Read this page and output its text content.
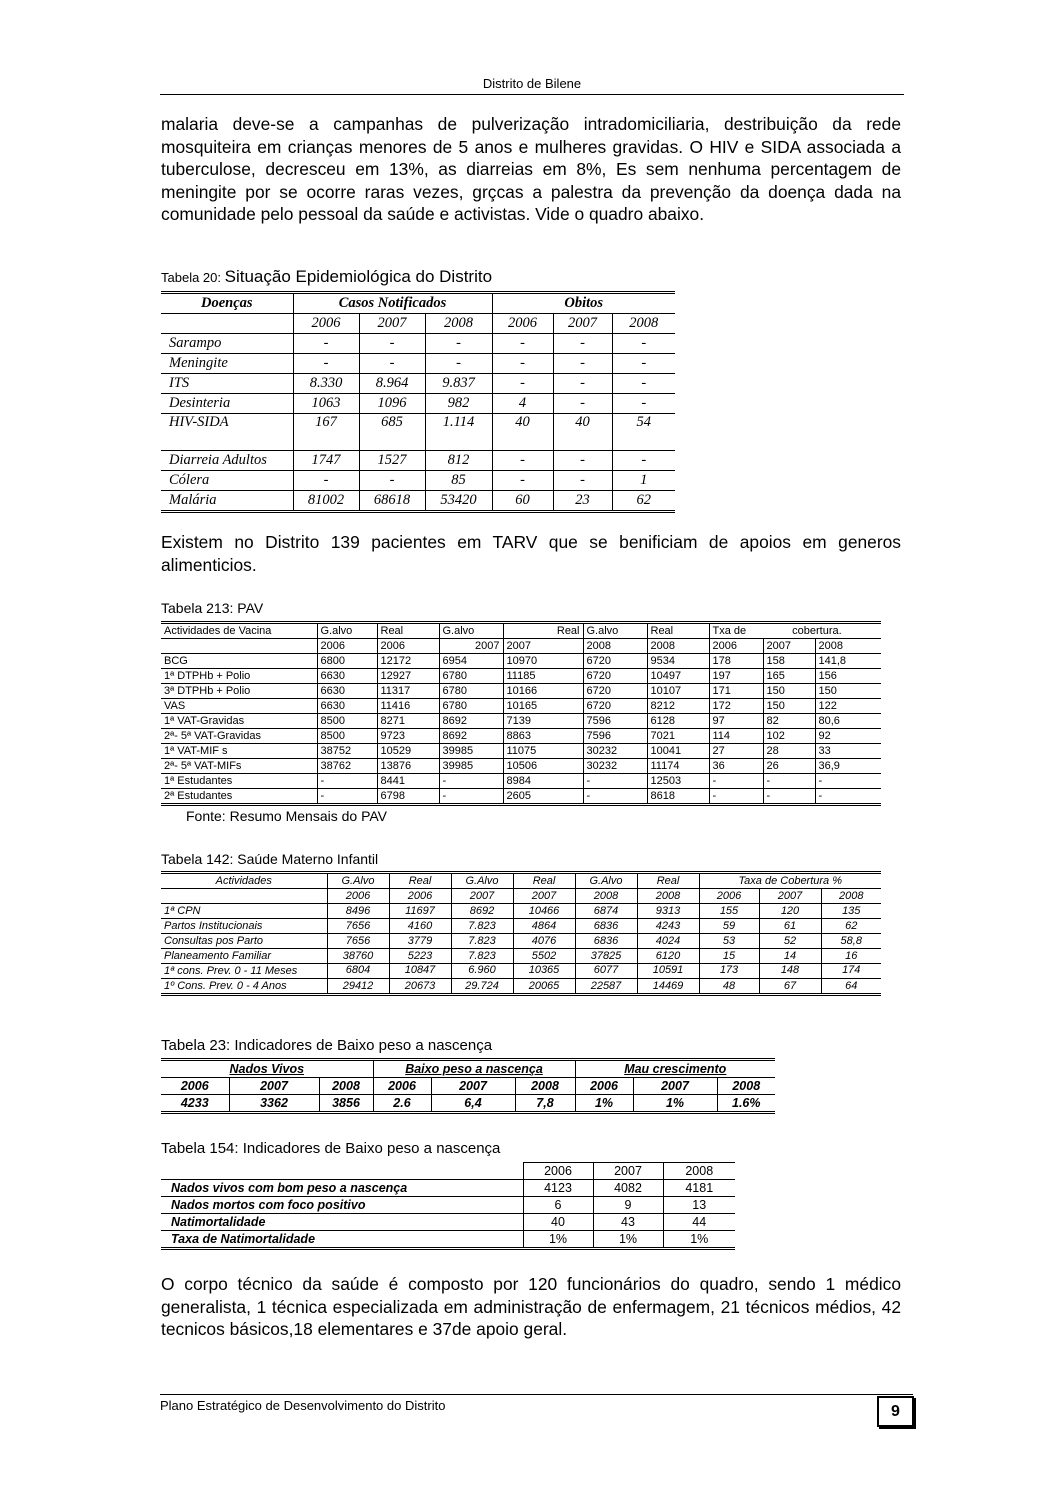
Distrito de Bilene
malaria deve-se a campanhas de pulverização intradomiciliaria, destribuição da rede mosquiteira em crianças menores de 5 anos e mulheres gravidas. O HIV e SIDA associada a tuberculose, decresceu em 13%, as diarreias em 8%, Es sem nenhuma percentagem de meningite por se ocorre raras vezes, grçcas a palestra da prevenção da doença dada na comunidade pelo pessoal da saúde e activistas. Vide o quadro abaixo.
Tabela 20: Situação Epidemiológica do Distrito
Doenças	Casos Notificados			Obitos		
	2006	2007	2008	2006	2007	2008
Sarampo	-	-	-	-	-	-
Meningite	-	-	-	-	-	-
ITS	8.330	8.964	9.837	-	-	-
Desinteria	1063	1096	982	4	-	-
HIV-SIDA	167	685	1.114	40	40	54
Diarreia Adultos	1747	1527	812	-	-	-
Cólera	-	-	85	-	-	1
Malária	81002	68618	53420	60	23	62
Existem no Distrito 139 pacientes em TARV que se benificiam de apoios em generos alimenticios.
Tabela 213: PAV
Actividades de Vacina	G.alvo	Real	G.alvo	Real	G.alvo	Real	Txa de cobertura.		
	2006	2006	2007	2007	2008	2008	2006	2007	2008
BCG	6800	12172	6954	10970	6720	9534	178	158	141,8
1ª DTPHb + Polio	6630	12927	6780	11185	6720	10497	197	165	156
3ª DTPHb + Polio	6630	11317	6780	10166	6720	10107	171	150	150
VAS	6630	11416	6780	10165	6720	8212	172	150	122
1ª VAT-Gravidas	8500	8271	8692	7139	7596	6128	97	82	80,6
2ª- 5ª VAT-Gravidas	8500	9723	8692	8863	7596	7021	114	102	92
1ª VAT-MIF s	38752	10529	39985	11075	30232	10041	27	28	33
2ª- 5ª VAT-MIFs	38762	13876	39985	10506	30232	11174	36	26	36,9
1ª Estudantes	-	8441	-	8984	-	12503	-	-	-
2ª Estudantes	-	6798	-	2605	-	8618	-	-	-
Fonte: Resumo Mensais do PAV
Tabela 142: Saúde Materno Infantil
Actividades	G.Alvo	Real	G.Alvo	Real	G.Alvo	Real	Taxa de Cobertura %		
	2006	2006	2007	2007	2008	2008	2006	2007	2008
1ª CPN	8496	11697	8692	10466	6874	9313	155	120	135
Partos Institucionais	7656	4160	7.823	4864	6836	4243	59	61	62
Consultas pos Parto	7656	3779	7.823	4076	6836	4024	53	52	58,8
Planeamento Familiar	38760	5223	7.823	5502	37825	6120	15	14	16
1ª cons. Prev. 0 - 11 Meses	6804	10847	6.960	10365	6077	10591	173	148	174
1º Cons. Prev. 0 - 4 Anos	29412	20673	29.724	20065	22587	14469	48	67	64
Tabela 23: Indicadores de Baixo peso a nascença
Nados Vivos			Baixo peso a nascença			Mau crescimento		
2006	2007	2008	2006	2007	2008	2006	2007	2008
4233	3362	3856	2.6	6,4	7,8	1%	1%	1.6%
Tabela 154: Indicadores de Baixo peso a nascença
	2006	2007	2008
Nados vivos com bom peso a nascença	4123	4082	4181
Nados mortos com foco positivo	6	9	13
Natimortalidade	40	43	44
Taxa de Natimortalidade	1%	1%	1%
O corpo técnico da saúde é composto por 120 funcionários do quadro, sendo 1 médico generalista, 1 técnica especializada em administração de enfermagem, 21 técnicos médios, 42 tecnicos básicos,18 elementares e 37de apoio geral.
Plano Estratégico de Desenvolvimento do Distrito	9
